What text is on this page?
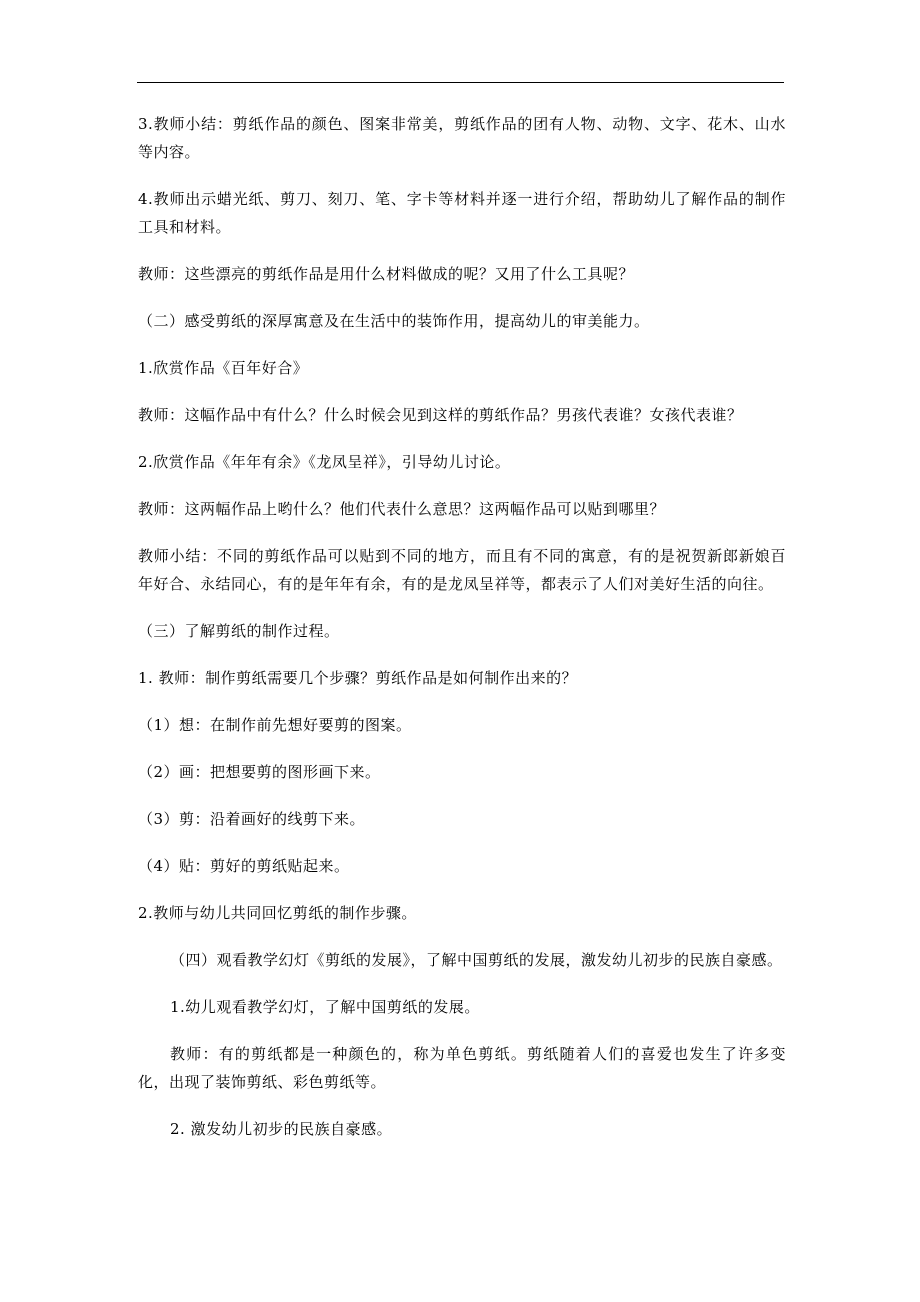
3.教师小结：剪纸作品的颜色、图案非常美，剪纸作品的团有人物、动物、文字、花木、山水等内容。

4.教师出示蜡光纸、剪刀、刻刀、笔、字卡等材料并逐一进行介绍，帮助幼儿了解作品的制作工具和材料。

教师：这些漂亮的剪纸作品是用什么材料做成的呢？又用了什么工具呢？

（二）感受剪纸的深厚寓意及在生活中的装饰作用，提高幼儿的审美能力。

1.欣赏作品《百年好合》

教师：这幅作品中有什么？什么时候会见到这样的剪纸作品？男孩代表谁？女孩代表谁？

2.欣赏作品《年年有余》《龙凤呈祥》，引导幼儿讨论。

教师：这两幅作品上哟什么？他们代表什么意思？这两幅作品可以贴到哪里？

教师小结：不同的剪纸作品可以贴到不同的地方，而且有不同的寓意，有的是祝贺新郎新娘百年好合、永结同心，有的是年年有余，有的是龙凤呈祥等，都表示了人们对美好生活的向往。

（三）了解剪纸的制作过程。

1. 教师：制作剪纸需要几个步骤？剪纸作品是如何制作出来的？

（1）想：在制作前先想好要剪的图案。

（2）画：把想要剪的图形画下来。

（3）剪：沿着画好的线剪下来。

（4）贴：剪好的剪纸贴起来。

2.教师与幼儿共同回忆剪纸的制作步骤。

（四）观看教学幻灯《剪纸的发展》，了解中国剪纸的发展，激发幼儿初步的民族自豪感。

1.幼儿观看教学幻灯，了解中国剪纸的发展。

教师：有的剪纸都是一种颜色的，称为单色剪纸。剪纸随着人们的喜爱也发生了许多变化，出现了装饰剪纸、彩色剪纸等。

2. 激发幼儿初步的民族自豪感。
